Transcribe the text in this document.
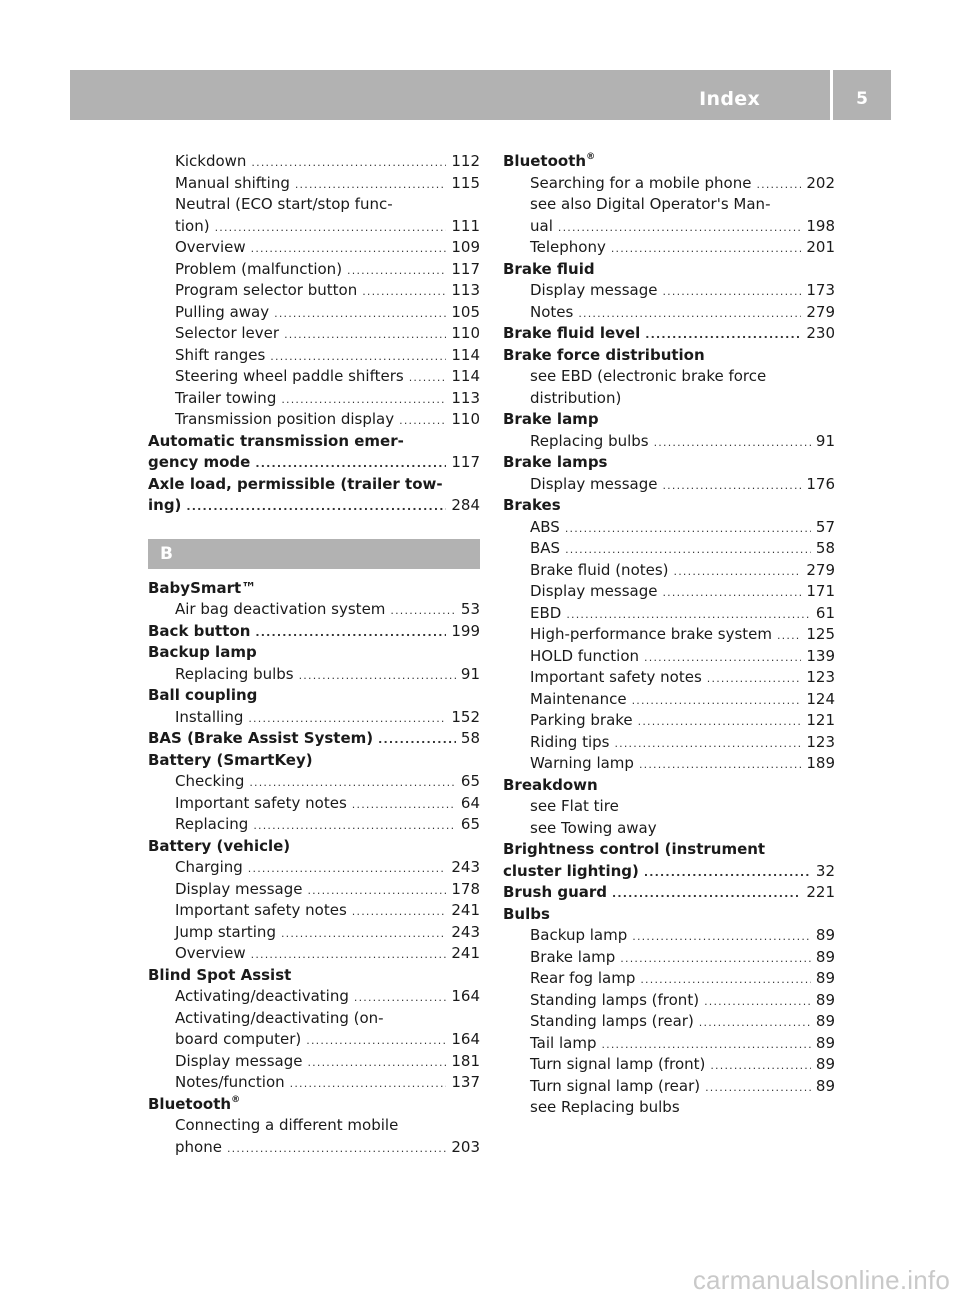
Index	5
Kickdown .....	112
Manual shifting .....	115
Neutral (ECO start/stop func-
tion) .....	111
Overview .....	109
Problem (malfunction) .....	117
Program selector button .....	113
Pulling away .....	105
Selector lever .....	110
Shift ranges .....	114
Steering wheel paddle shifters .....	114
Trailer towing .....	113
Transmission position display .....	110
Automatic transmission emer-
gency mode .....	117
Axle load, permissible (trailer tow-
ing) .....	284
B
BabySmart™
Air bag deactivation system .....	53
Back button .....	199
Backup lamp
Replacing bulbs .....	91
Ball coupling
Installing .....	152
BAS (Brake Assist System) .....	58
Battery (SmartKey)
Checking .....	65
Important safety notes .....	64
Replacing .....	65
Battery (vehicle)
Charging .....	243
Display message .....	178
Important safety notes .....	241
Jump starting .....	243
Overview .....	241
Blind Spot Assist
Activating/deactivating .....	164
Activating/deactivating (on-
board computer) .....	164
Display message .....	181
Notes/function .....	137
Bluetooth®
Connecting a different mobile
phone .....	203
Bluetooth®
Searching for a mobile phone .....	202
see also Digital Operator's Man-
ual .....	198
Telephony .....	201
Brake fluid
Display message .....	173
Notes .....	279
Brake fluid level .....	230
Brake force distribution
see EBD (electronic brake force
distribution)
Brake lamp
Replacing bulbs .....	91
Brake lamps
Display message .....	176
Brakes
ABS .....	57
BAS .....	58
Brake fluid (notes) .....	279
Display message .....	171
EBD .....	61
High-performance brake system ..... 125
HOLD function .....	139
Important safety notes .....	123
Maintenance .....	124
Parking brake .....	121
Riding tips .....	123
Warning lamp .....	189
Breakdown
see Flat tire
see Towing away
Brightness control (instrument
cluster lighting) .....	32
Brush guard .....	221
Bulbs
Backup lamp .....	89
Brake lamp .....	89
Rear fog lamp .....	89
Standing lamps (front) .....	89
Standing lamps (rear) .....	89
Tail lamp .....	89
Turn signal lamp (front) .....	89
Turn signal lamp (rear) .....	89
see Replacing bulbs
carmanualsonline.info
